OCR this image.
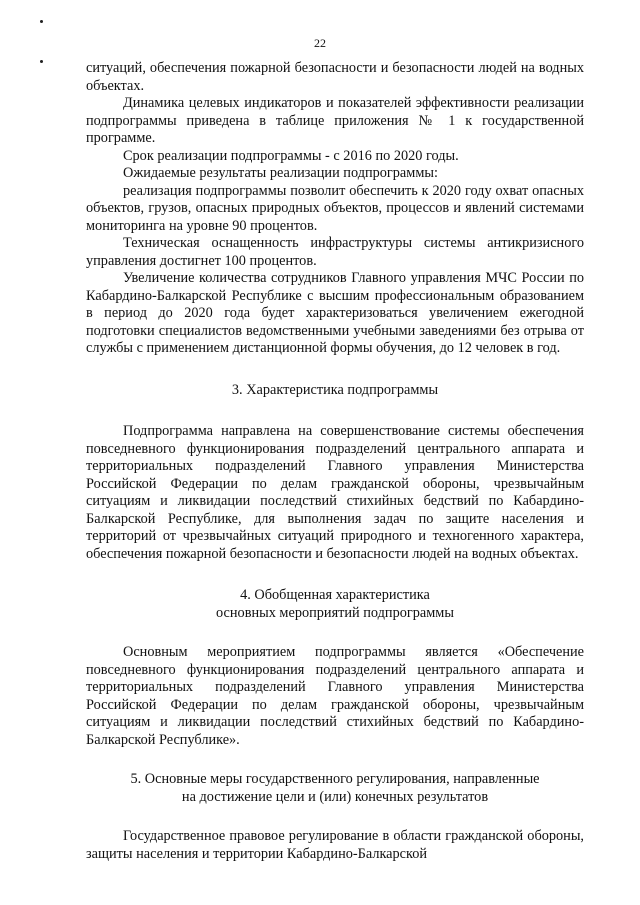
22

ситуаций, обеспечения пожарной безопасности и безопасности людей на водных объектах.

Динамика целевых индикаторов и показателей эффективности реализации подпрограммы приведена в таблице приложения № 1 к государственной программе.

Срок реализации подпрограммы - с 2016 по 2020 годы.

Ожидаемые результаты реализации подпрограммы:

реализация подпрограммы позволит обеспечить к 2020 году охват опасных объектов, грузов, опасных природных объектов, процессов и явлений системами мониторинга на уровне 90 процентов.

Техническая оснащенность инфраструктуры системы антикризисного управления достигнет 100 процентов.

Увеличение количества сотрудников Главного управления МЧС России по Кабардино-Балкарской Республике с высшим профессиональным образованием в период до 2020 года будет характеризоваться увеличением ежегодной подготовки специалистов ведомственными учебными заведениями без отрыва от службы с применением дистанционной формы обучения, до 12 человек в год.

3. Характеристика подпрограммы

Подпрограмма направлена на совершенствование системы обеспечения повседневного функционирования подразделений центрального аппарата и территориальных подразделений Главного управления Министерства Российской Федерации по делам гражданской обороны, чрезвычайным ситуациям и ликвидации последствий стихийных бедствий по Кабардино-Балкарской Республике, для выполнения задач по защите населения и территорий от чрезвычайных ситуаций природного и техногенного характера, обеспечения пожарной безопасности и безопасности людей на водных объектах.

4. Обобщенная характеристика

основных мероприятий подпрограммы

Основным мероприятием подпрограммы является «Обеспечение повседневного функционирования подразделений центрального аппарата и территориальных подразделений Главного управления Министерства Российской Федерации по делам гражданской обороны, чрезвычайным ситуациям и ликвидации последствий стихийных бедствий по Кабардино-Балкарской Республике».

5. Основные меры государственного регулирования, направленные

на достижение цели и (или) конечных результатов

Государственное правовое регулирование в области гражданской обороны, защиты населения и территории Кабардино-Балкарской
